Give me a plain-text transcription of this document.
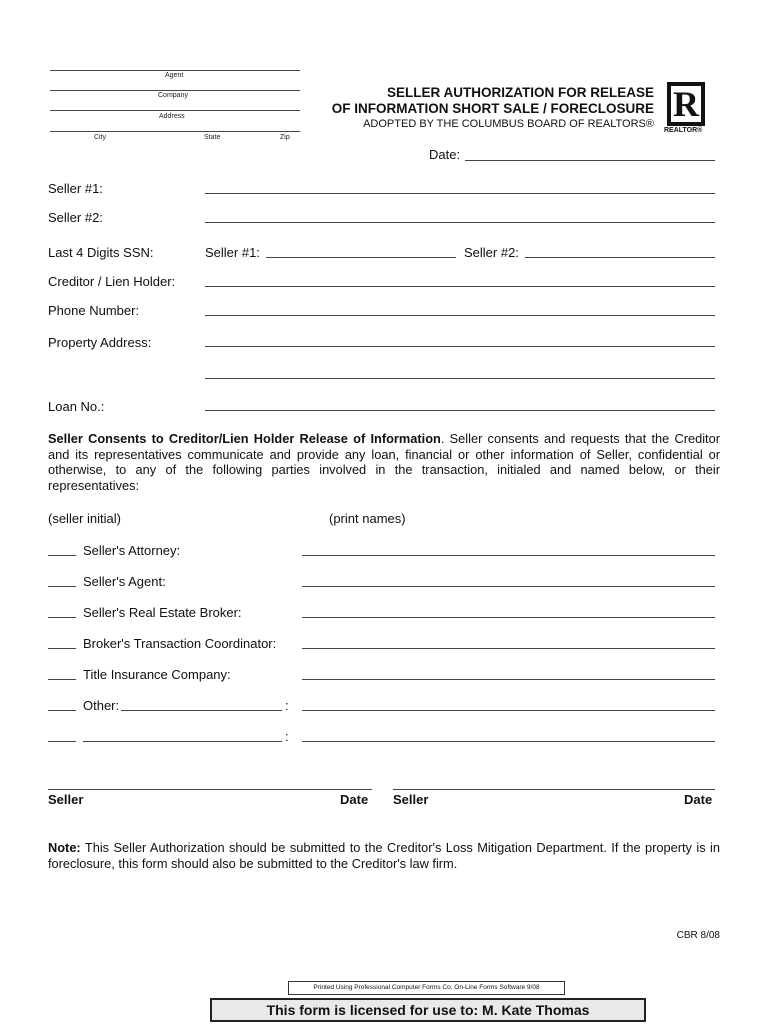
Agent
Company
Address
City	State	Zip
SELLER AUTHORIZATION FOR RELEASE
OF INFORMATION SHORT SALE / FORECLOSURE
ADOPTED BY THE COLUMBUS BOARD OF REALTORS® R
REALTOR®
Date:
Seller #1:
Seller #2:
Last 4 Digits SSN:	Seller #1:	Seller #2:
Creditor / Lien Holder:
Phone Number:
Property Address:
Loan No.:
Seller Consents to Creditor/Lien Holder Release of Information. Seller consents and requests that the Creditor and its representatives communicate and provide any loan, financial or other information of Seller, confidential or otherwise, to any of the following parties involved in the transaction, initialed and named below, or their representatives:
(seller initial)	(print names)
Seller's Attorney:
Seller's Agent:
Seller's Real Estate Broker:
Broker's Transaction Coordinator:
Title Insurance Company:
Other:	:
:
Seller	Date Seller	Date
Note: This Seller Authorization should be submitted to the Creditor's Loss Mitigation Department. If the property is in foreclosure, this form should also be submitted to the Creditor's law firm.
CBR 8/08
Printed Using Professional Computer Forms Co. On-Line Forms Software 9/08
This form is licensed for use to: M. Kate Thomas
